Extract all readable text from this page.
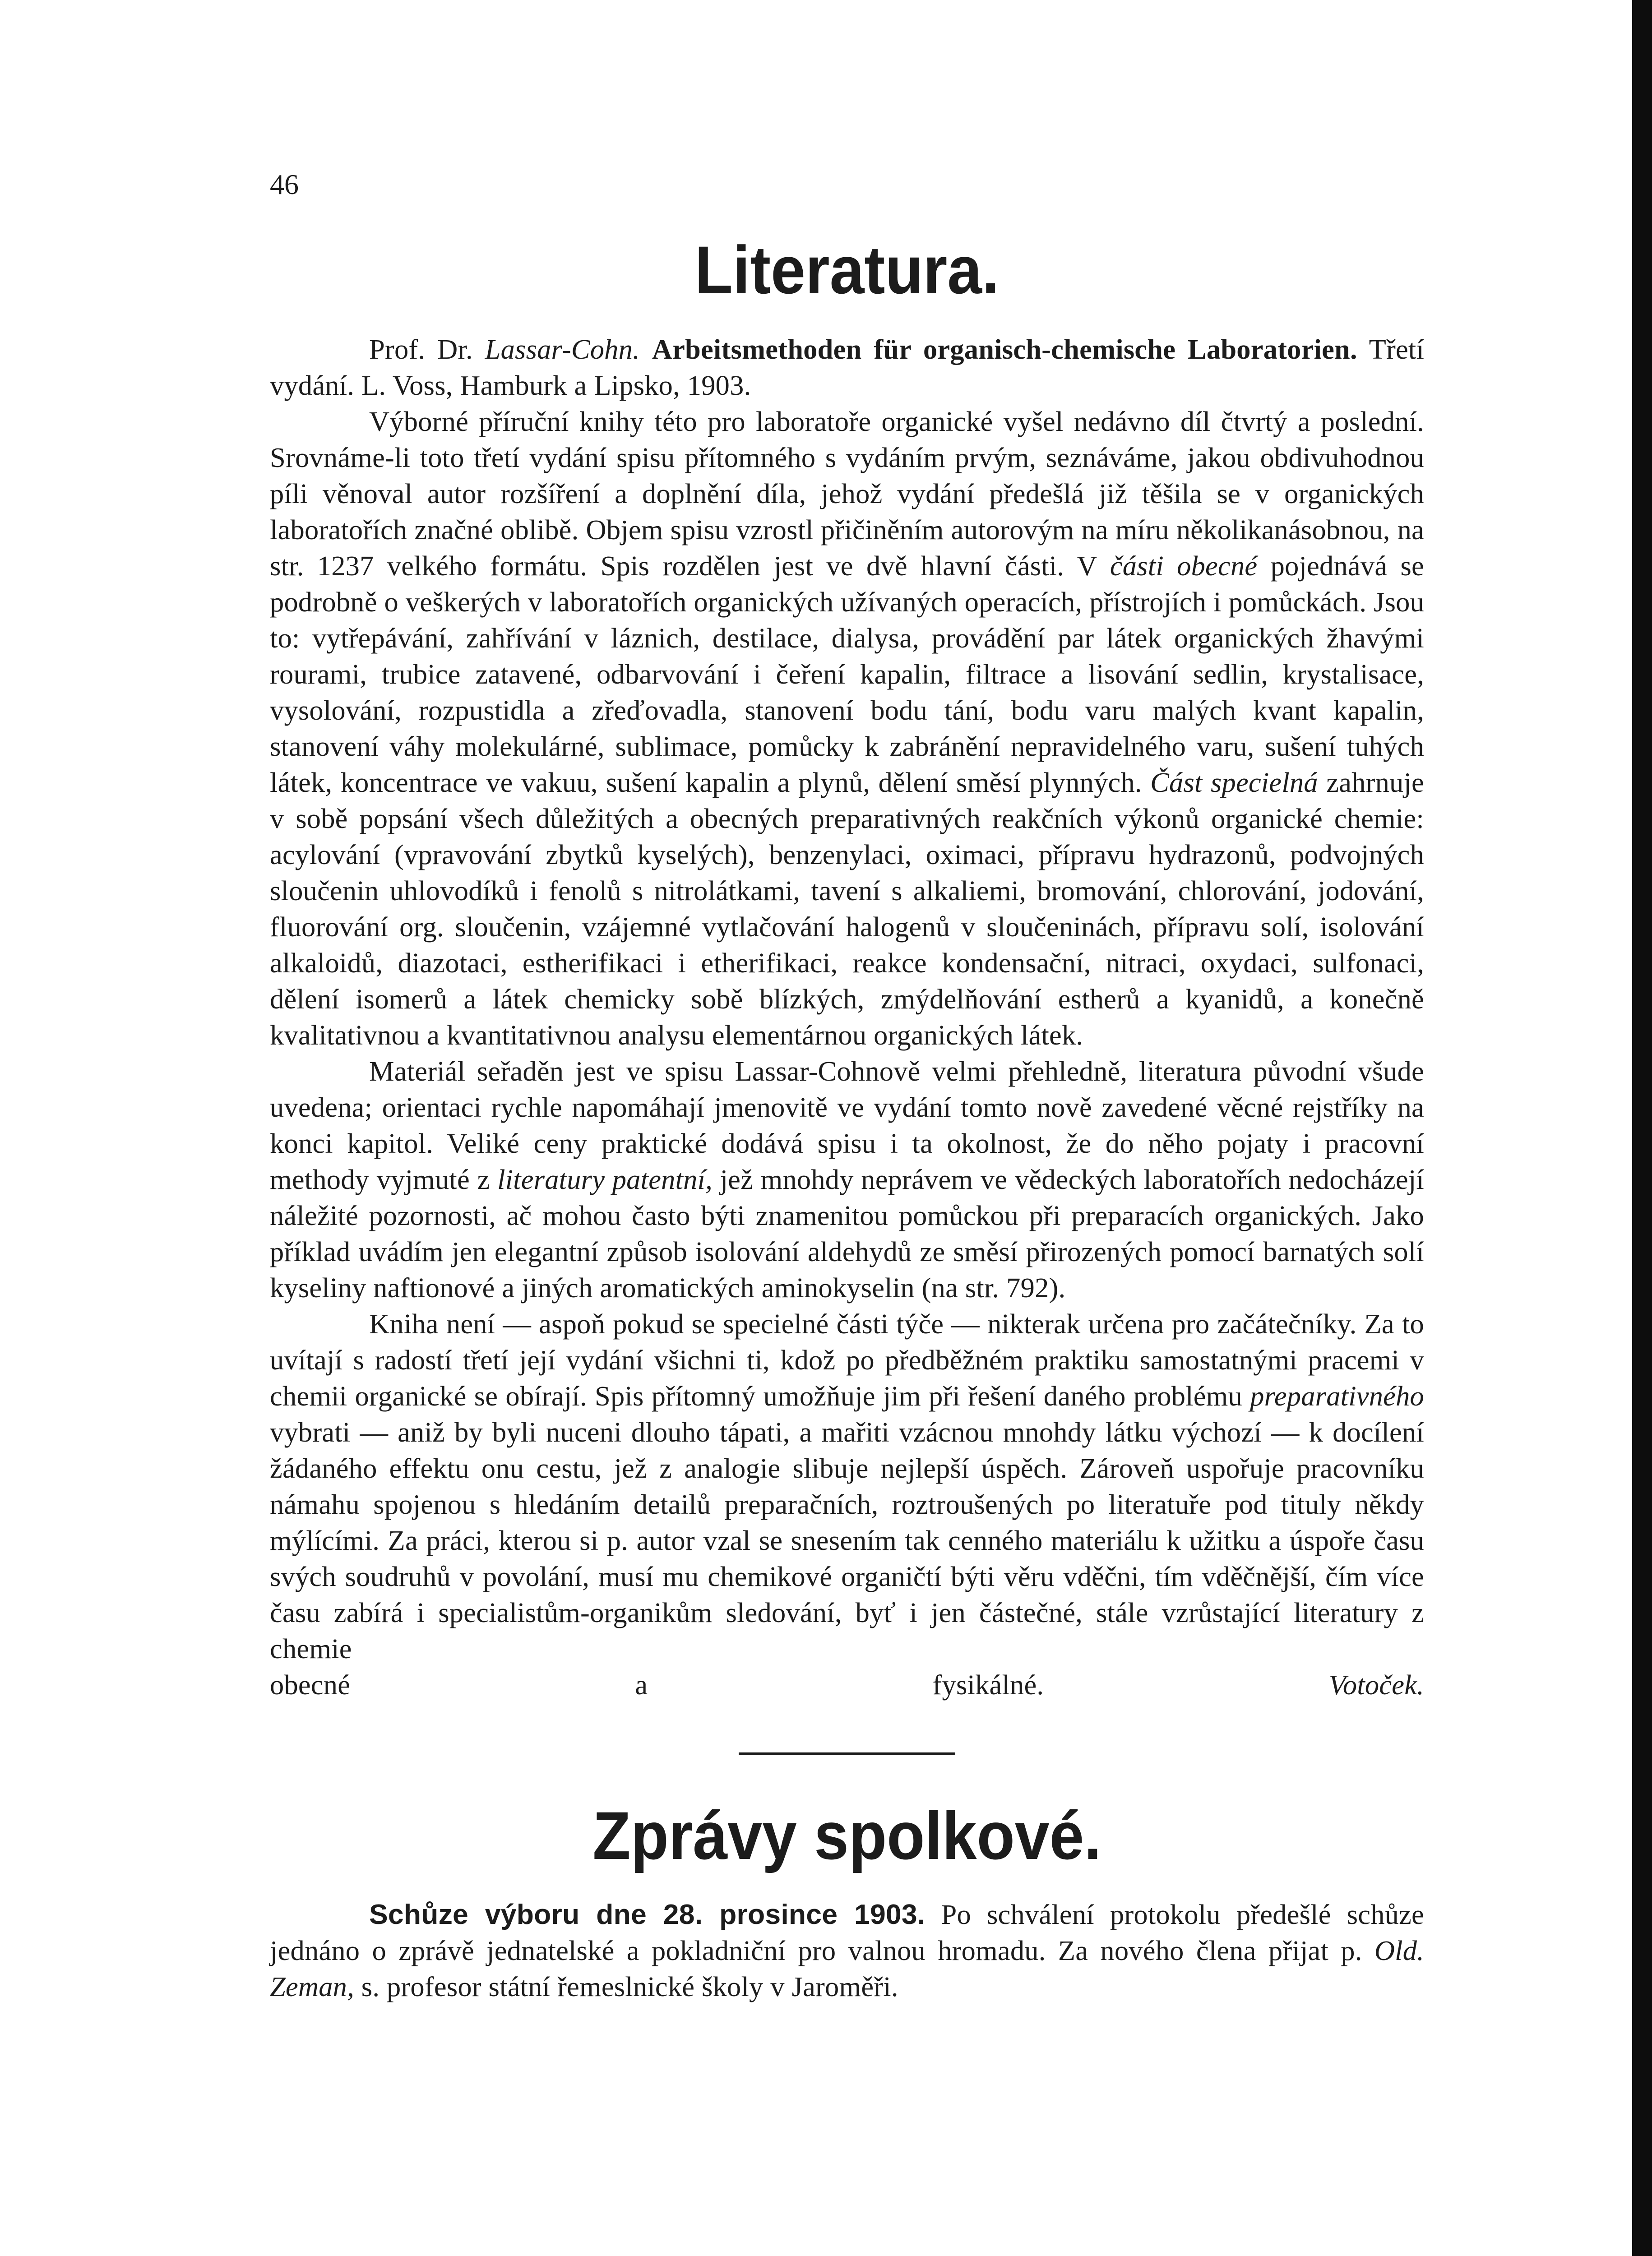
46
Literatura.

Prof. Dr. Lassar-Cohn. Arbeitsmethoden für organisch-chemische Laboratorien. Třetí vydání. L. Voss, Hamburk a Lipsko, 1903.

Výborné příruční knihy této pro laboratoře organické vyšel nedávno díl čtvrtý a poslední. Srovnáme-li toto třetí vydání spisu přítomného s vydáním prvým, seznáváme, jakou obdivuhodnou píli věnoval autor rozšíření a doplnění díla, jehož vydání předešlá již těšila se v organických laboratořích značné oblibě. Objem spisu vzrostl přičiněním autorovým na míru několikanásobnou, na str. 1237 velkého formátu. Spis rozdělen jest ve dvě hlavní části. V části obecné pojednává se podrobně o veškerých v laboratořích organických užívaných operacích, přístrojích i pomůckách. Jsou to: vytřepávání, zahřívání v láznich, destilace, dialysa, provádění par látek organických žhavými rourami, trubice zatavené, odbarvování i čeření kapalin, filtrace a lisování sedlin, krystalisace, vysolování, rozpustidla a zřeďovadla, stanovení bodu tání, bodu varu malých kvant kapalin, stanovení váhy molekulárné, sublimace, pomůcky k zabránění nepravidelného varu, sušení tuhých látek, koncentrace ve vakuu, sušení kapalin a plynů, dělení směsí plynných. Část specielná zahrnuje v sobě popsání všech důležitých a obecných preparativných reakčních výkonů organické chemie: acylování (vpravování zbytků kyselých), benzenylaci, oximaci, přípravu hydrazonů, podvojných sloučenin uhlovodíků i fenolů s nitrolátkami, tavení s alkaliemi, bromování, chlorování, jodování, fluorování org. sloučenin, vzájemné vytlačování halogenů v sloučeninách, přípravu solí, isolování alkaloidů, diazotaci, estherifikaci i etherifikaci, reakce kondensační, nitraci, oxydaci, sulfonaci, dělení isomerů a látek chemicky sobě blízkých, zmýdelňování estherů a kyanidů, a konečně kvalitativnou a kvantitativnou analysu elementárnou organických látek.

Materiál seřaděn jest ve spisu Lassar-Cohnově velmi přehledně, literatura původní všude uvedena; orientaci rychle napomáhají jmenovitě ve vydání tomto nově zavedené věcné rejstříky na konci kapitol. Veliké ceny praktické dodává spisu i ta okolnost, že do něho pojaty i pracovní methody vyjmuté z literatury patentní, jež mnohdy neprávem ve vědeckých laboratořích nedocházejí náležité pozornosti, ač mohou často býti znamenitou pomůckou při preparacích organických. Jako příklad uvádím jen elegantní způsob isolování aldehydů ze směsí přirozených pomocí barnatých solí kyseliny naftionové a jiných aromatických aminokyselin (na str. 792).

Kniha není — aspoň pokud se specielné části týče — nikterak určena pro začátečníky. Za to uvítají s radostí třetí její vydání všichni ti, kdož po předběžném praktiku samostatnými pracemi v chemii organické se obírají. Spis přítomný umožňuje jim při řešení daného problému preparativného vybrati — aniž by byli nuceni dlouho tápati, a mařiti vzácnou mnohdy látku výchozí — k docílení žádaného effektu onu cestu, jež z analogie slibuje nejlepší úspěch. Zároveň uspořuje pracovníku námahu spojenou s hledáním detailů preparačních, roztroušených po literatuře pod tituly někdy mýlícími. Za práci, kterou si p. autor vzal se snesením tak cenného materiálu k užitku a úspoře času svých soudruhů v povolání, musí mu chemikové organičtí býti věru vděčni, tím vděčnější, čím více času zabírá i specialistům-organikům sledování, byť i jen částečné, stále vzrůstající literatury z chemie

obecné a fysikálné.	Votoček.

Zprávy spolkové.

Schůze výboru dne 28. prosince 1903. Po schválení protokolu předešlé schůze jednáno o zprávě jednatelské a pokladniční pro valnou hromadu. Za nového člena přijat p. Old. Zeman, s. profesor státní řemeslnické školy v Jaroměři.
